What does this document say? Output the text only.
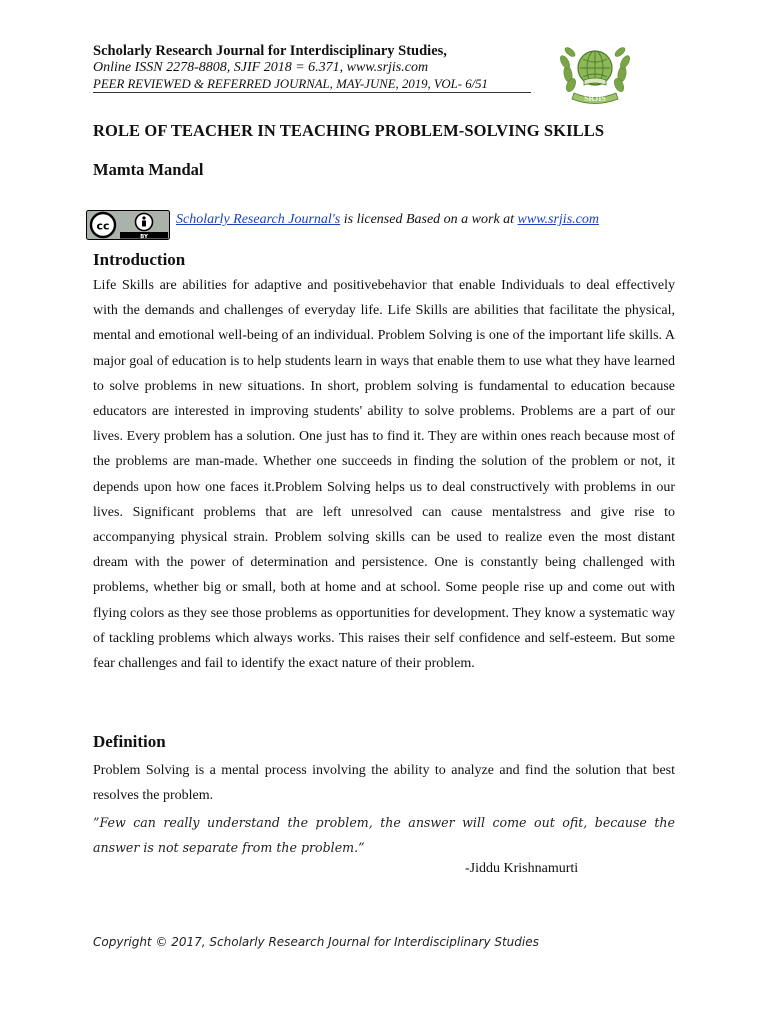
Scholarly Research Journal for Interdisciplinary Studies,
Online ISSN 2278-8808, SJIF 2018 = 6.371, www.srjis.com
PEER REVIEWED & REFERRED JOURNAL, MAY-JUNE, 2019, VOL- 6/51
SRJIS
ROLE OF TEACHER IN TEACHING PROBLEM-SOLVING SKILLS
Mamta Mandal
cc
BY
Scholarly Research Journal's is licensed Based on a work at www.srjis.com
Introduction
Life Skills are abilities for adaptive and positivebehavior that enable Individuals to deal effectively with the demands and challenges of everyday life. Life Skills are abilities that facilitate the physical, mental and emotional well-being of an individual. Problem Solving is one of the important life skills. A major goal of education is to help students learn in ways that enable them to use what they have learned to solve problems in new situations. In short, problem solving is fundamental to education because educators are interested in improving students' ability to solve problems. Problems are a part of our lives. Every problem has a solution. One just has to find it. They are within ones reach because most of the problems are man-made. Whether one succeeds in finding the solution of the problem or not, it depends upon how one faces it.Problem Solving helps us to deal constructively with problems in our lives. Significant problems that are left unresolved can cause mentalstress and give rise to accompanying physical strain. Problem solving skills can be used to realize even the most distant dream with the power of determination and persistence. One is constantly being challenged with problems, whether big or small, both at home and at school. Some people rise up and come out with flying colors as they see those problems as opportunities for development. They know a systematic way of tackling problems which always works. This raises their self confidence and self-esteem. But some fear challenges and fail to identify the exact nature of their problem.
Definition
Problem Solving is a mental process involving the ability to analyze and find the solution that best resolves the problem.
”Few can really understand the problem, the answer will come out ofit, because the answer is not separate from the problem.”
-Jiddu Krishnamurti
Copyright © 2017, Scholarly Research Journal for Interdisciplinary Studies
